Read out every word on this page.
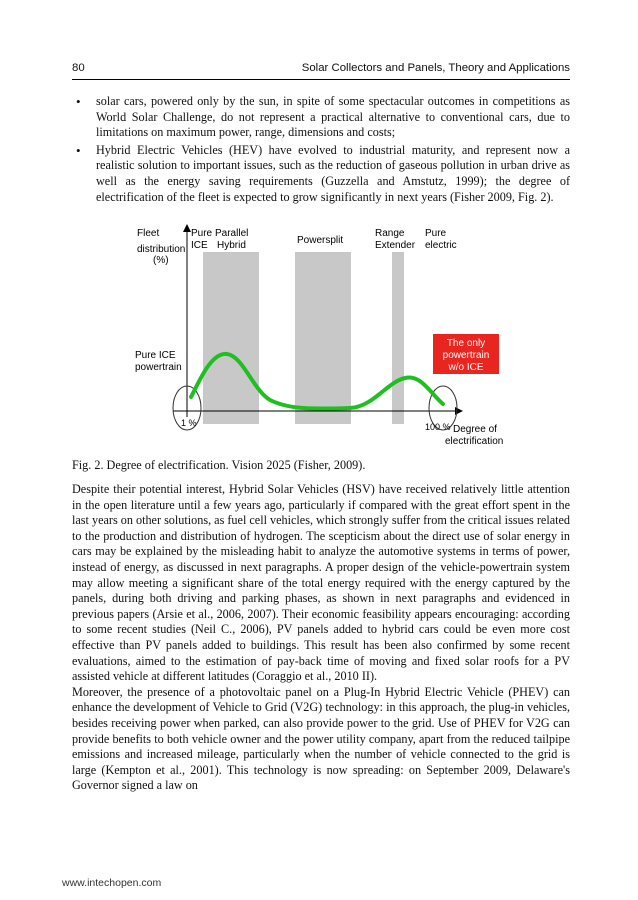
80	Solar Collectors and Panels, Theory and Applications
• solar cars, powered only by the sun, in spite of some spectacular outcomes in competitions as World Solar Challenge, do not represent a practical alternative to conventional cars, due to limitations on maximum power, range, dimensions and costs;
• Hybrid Electric Vehicles (HEV) have evolved to industrial maturity, and represent now a realistic solution to important issues, such as the reduction of gaseous pollution in urban drive as well as the energy saving requirements (Guzzella and Amstutz, 1999); the degree of electrification of the fleet is expected to grow significantly in next years (Fisher 2009, Fig. 2).
Fleet
distribution
(%)
Pure
ICE
Parallel
Hybrid	Powersplit
Range
Extender
Pure
electric
Pure ICE
powertrain
The only
powertrain
w/o ICE
1 %	100 % Degree of
electrification
Fig. 2. Degree of electrification. Vision 2025 (Fisher, 2009).

Despite their potential interest, Hybrid Solar Vehicles (HSV) have received relatively little attention in the open literature until a few years ago, particularly if compared with the great effort spent in the last years on other solutions, as fuel cell vehicles, which strongly suffer from the critical issues related to the production and distribution of hydrogen. The scepticism about the direct use of solar energy in cars may be explained by the misleading habit to analyze the automotive systems in terms of power, instead of energy, as discussed in next paragraphs. A proper design of the vehicle-powertrain system may allow meeting a significant share of the total energy required with the energy captured by the panels, during both driving and parking phases, as shown in next paragraphs and evidenced in previous papers (Arsie et al., 2006, 2007). Their economic feasibility appears encouraging: according to some recent studies (Neil C., 2006), PV panels added to hybrid cars could be even more cost effective than PV panels added to buildings. This result has been also confirmed by some recent evaluations, aimed to the estimation of pay-back time of moving and fixed solar roofs for a PV assisted vehicle at different latitudes (Coraggio et al., 2010 II).

Moreover, the presence of a photovoltaic panel on a Plug-In Hybrid Electric Vehicle (PHEV) can enhance the development of Vehicle to Grid (V2G) technology: in this approach, the plug-in vehicles, besides receiving power when parked, can also provide power to the grid. Use of PHEV for V2G can provide benefits to both vehicle owner and the power utility company, apart from the reduced tailpipe emissions and increased mileage, particularly when the number of vehicle connected to the grid is large (Kempton et al., 2001). This technology is now spreading: on September 2009, Delaware's Governor signed a law on

www.intechopen.com
